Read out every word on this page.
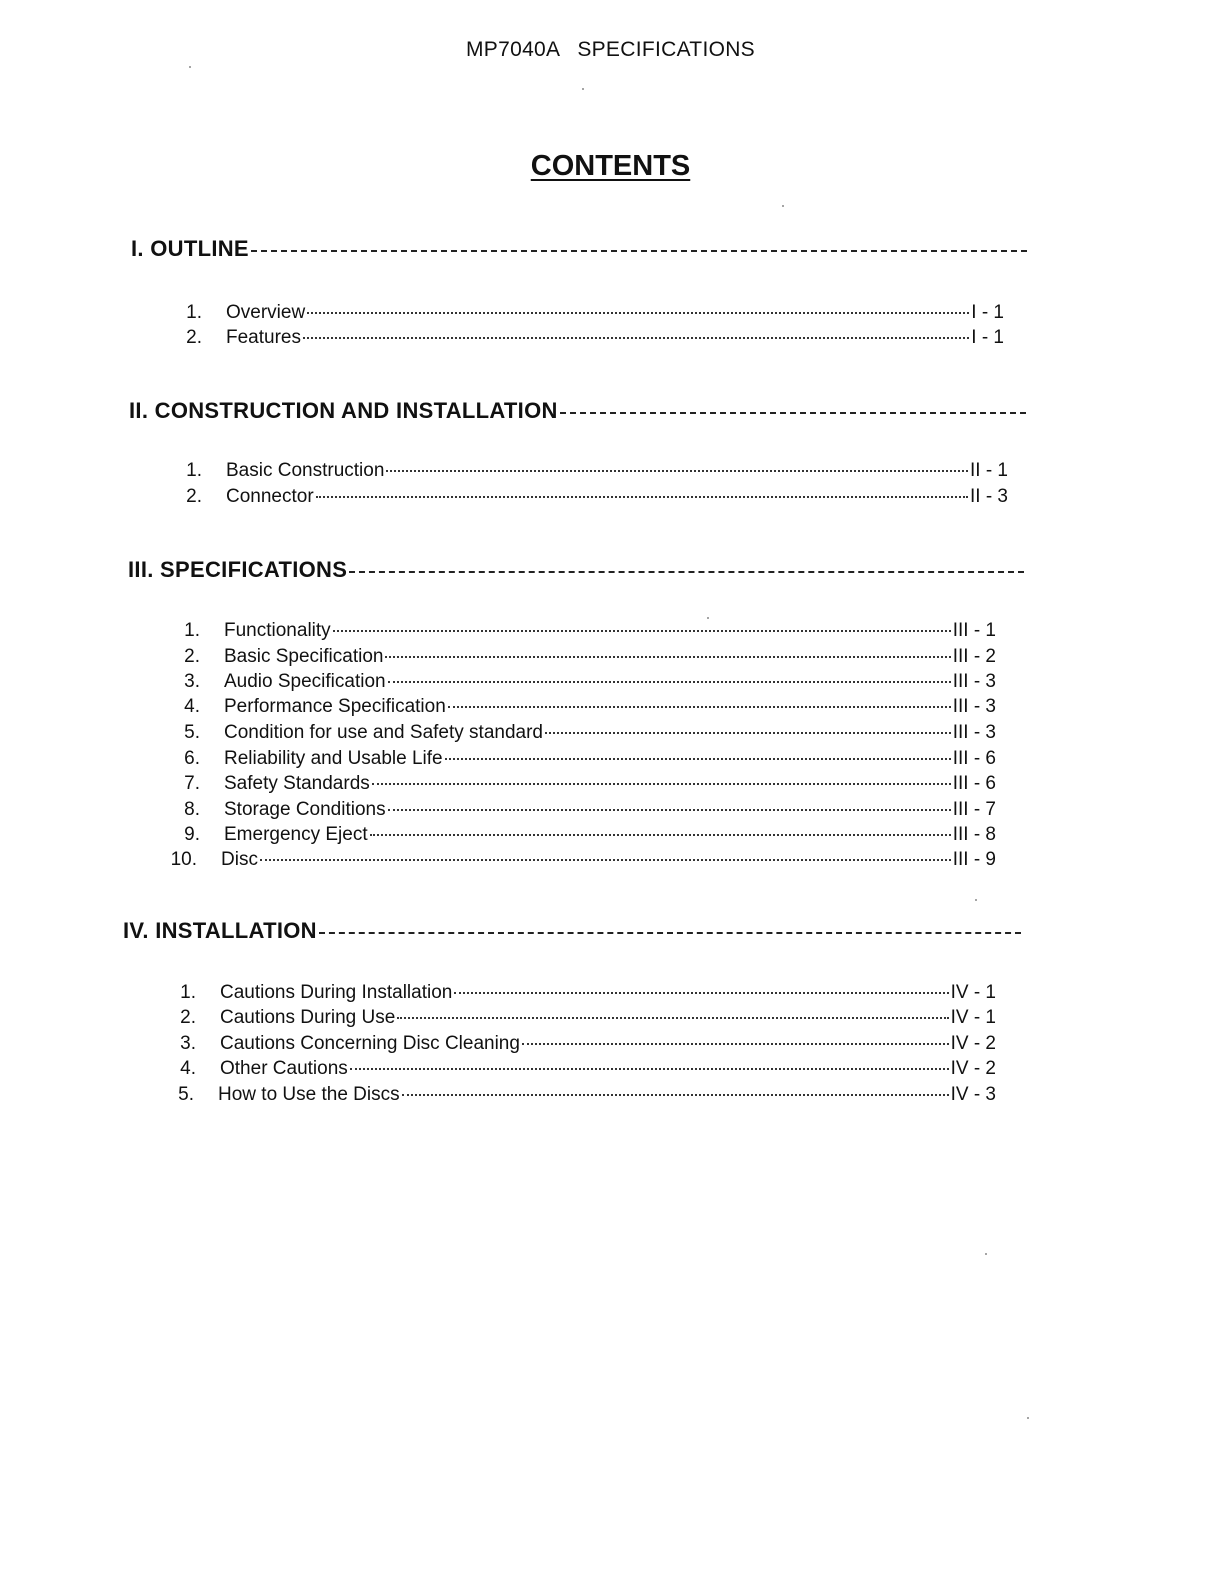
MP7040A SPECIFICATIONS
CONTENTS
I. OUTLINE
1. Overview	I - 1
2. Features	I - 1
II. CONSTRUCTION AND INSTALLATION
1. Basic Construction	II - 1
2. Connector	II - 3
III. SPECIFICATIONS
1. Functionality	III - 1
2. Basic Specification	III - 2
3. Audio Specification	III - 3
4. Performance Specification	III - 3
5. Condition for use and Safety standard	III - 3
6. Reliability and Usable Life	III - 6
7. Safety Standards	III - 6
8. Storage Conditions	III - 7
9. Emergency Eject	III - 8
10. Disc	III - 9
IV. INSTALLATION
1. Cautions During Installation	IV - 1
2. Cautions During Use	IV - 1
3. Cautions Concerning Disc Cleaning	IV - 2
4. Other Cautions	IV - 2
5. How to Use the Discs	IV - 3
